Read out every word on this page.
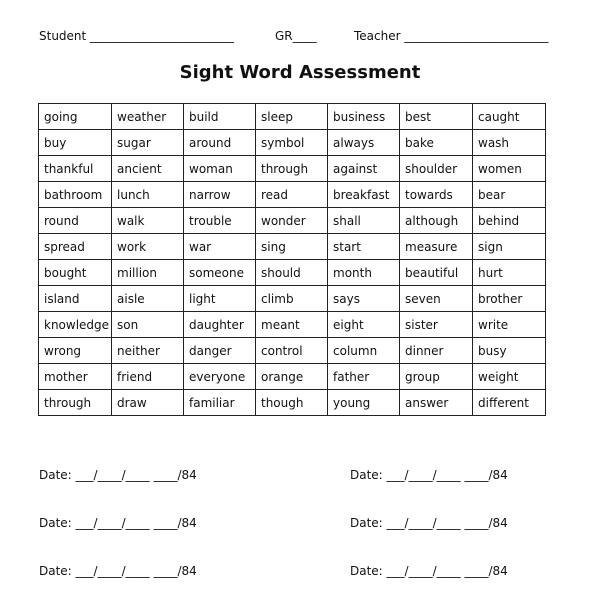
Student ________________________	GR____	Teacher ________________________
Sight Word Assessment
going	weather	build	sleep	business	best	caught
buy	sugar	around	symbol	always	bake	wash
thankful	ancient	woman	through	against	shoulder	women
bathroom	lunch	narrow	read	breakfast	towards	bear
round	walk	trouble	wonder	shall	although	behind
spread	work	war	sing	start	measure	sign
bought	million	someone	should	month	beautiful	hurt
island	aisle	light	climb	says	seven	brother
knowledge	son	daughter	meant	eight	sister	write
wrong	neither	danger	control	column	dinner	busy
mother	friend	everyone	orange	father	group	weight
through	draw	familiar	though	young	answer	different
Date: ___/____/____ ____/84	Date: ___/____/____ ____/84
Date: ___/____/____ ____/84	Date: ___/____/____ ____/84
Date: ___/____/____ ____/84	Date: ___/____/____ ____/84
